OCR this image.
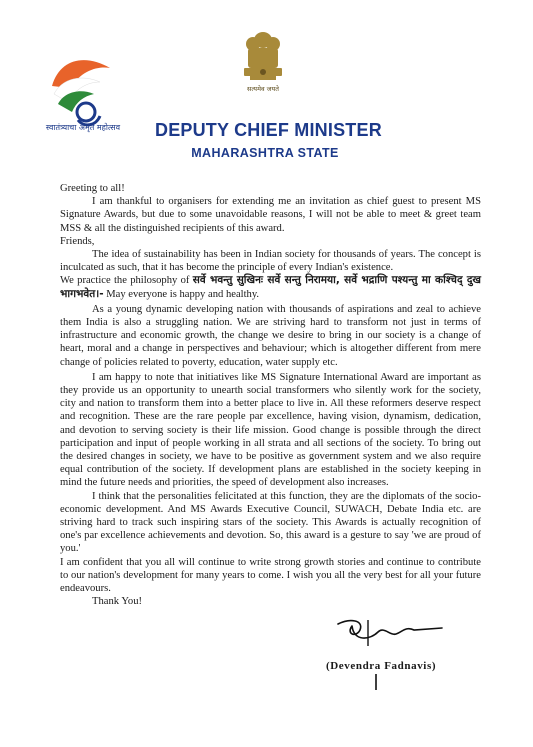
स्वातंत्र्याचा अमृत महोत्सव
सत्यमेव जयते
DEPUTY CHIEF MINISTER
MAHARASHTRA STATE

Greeting to all!

I am thankful to organisers for extending me an invitation as chief guest to present MS Signature Awards, but due to some unavoidable reasons, I will not be able to meet & greet team MSS & all the distinguished recipients of this award.

Friends,

The idea of sustainability has been in Indian society for thousands of years. The concept is inculcated as such, that it has become the principle of every Indian's existence.

We practice the philosophy of सर्वे भवन्तु सुखिनः सर्वे सन्तु निरामया, सर्वे भद्राणि पश्यन्तु मा कश्चिद् दुख भागभवेत।- May everyone is happy and healthy.

As a young dynamic developing nation with thousands of aspirations and zeal to achieve them India is also a struggling nation. We are striving hard to transform not just in terms of infrastructure and economic growth, the change we desire to bring in our society is a change of heart, moral and a change in perspectives and behaviour; which is altogether different from mere change of policies related to poverty, education, water supply etc.

I am happy to note that initiatives like MS Signature International Award are important as they provide us an opportunity to unearth social transformers who silently work for the society, city and nation to transform them into a better place to live in. All these reformers deserve respect and recognition. These are the rare people par excellence, having vision, dynamism, dedication, and devotion to serving society is their life mission. Good change is possible through the direct participation and input of people working in all strata and all sections of the society. To bring out the desired changes in society, we have to be positive as government system and we also require equal contribution of the society. If development plans are established in the society keeping in mind the future needs and priorities, the speed of development also increases.

I think that the personalities felicitated at this function, they are the diplomats of the socio-economic development. And MS Awards Executive Council, SUWACH, Debate India etc. are striving hard to track such inspiring stars of the society. This Awards is actually recognition of one's par excellence achievements and devotion. So, this award is a gesture to say 'we are proud of you.'

I am confident that you all will continue to write strong growth stories and continue to contribute to our nation's development for many years to come. I wish you all the very best for all your future endeavours.

Thank You!

(Devendra Fadnavis)
